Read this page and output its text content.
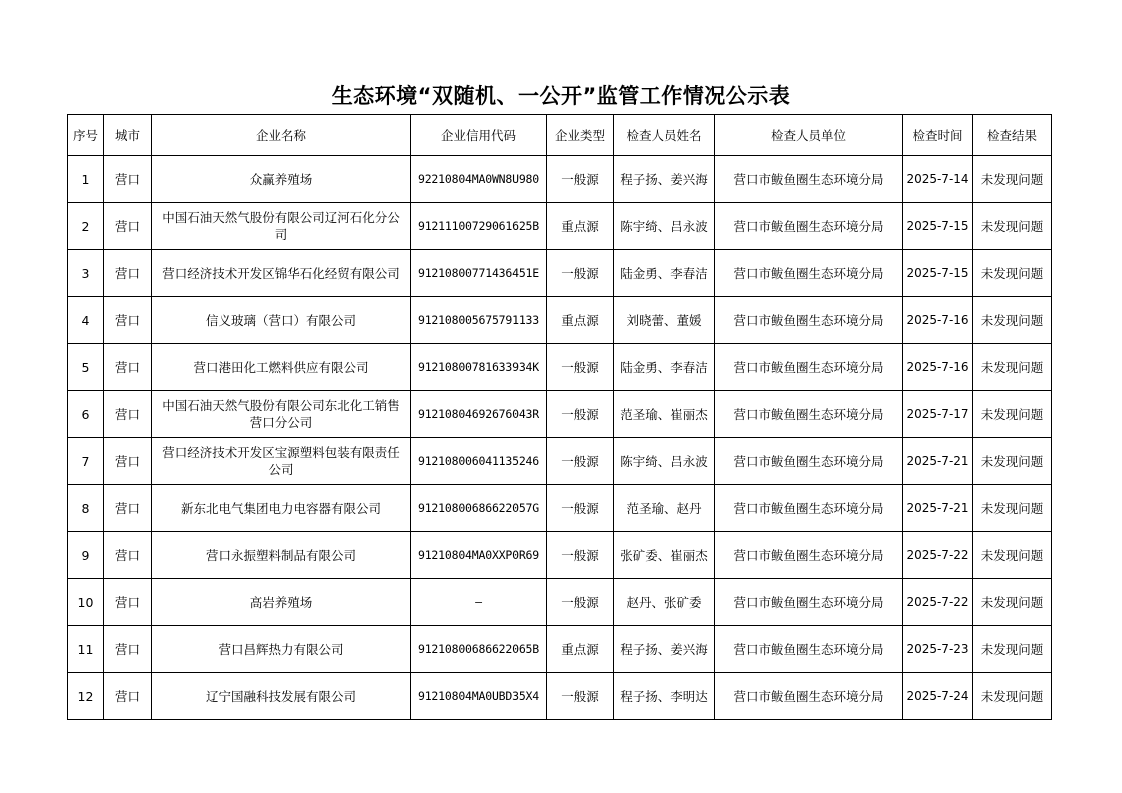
生态环境“双随机、一公开”监管工作情况公示表
序号	城市	企业名称	企业信用代码	企业类型	检查人员姓名	检查人员单位	检查时间	检查结果
1	营口	众赢养殖场	92210804MA0WN8U980	一般源	程子扬、姜兴海	营口市鲅鱼圈生态环境分局	2025-7-14	未发现问题
2	营口	中国石油天然气股份有限公司辽河石化分公司	91211100729061625B	重点源	陈宇绮、吕永波	营口市鲅鱼圈生态环境分局	2025-7-15	未发现问题
3	营口	营口经济技术开发区锦华石化经贸有限公司	91210800771436451E	一般源	陆金勇、李春洁	营口市鲅鱼圈生态环境分局	2025-7-15	未发现问题
4	营口	信义玻璃（营口）有限公司	912108005675791133	重点源	刘晓蕾、董媛	营口市鲅鱼圈生态环境分局	2025-7-16	未发现问题
5	营口	营口港田化工燃料供应有限公司	91210800781633934K	一般源	陆金勇、李春洁	营口市鲅鱼圈生态环境分局	2025-7-16	未发现问题
6	营口	中国石油天然气股份有限公司东北化工销售营口分公司	91210804692676043R	一般源	范圣瑜、崔丽杰	营口市鲅鱼圈生态环境分局	2025-7-17	未发现问题
7	营口	营口经济技术开发区宝源塑料包装有限责任公司	912108006041135246	一般源	陈宇绮、吕永波	营口市鲅鱼圈生态环境分局	2025-7-21	未发现问题
8	营口	新东北电气集团电力电容器有限公司	91210800686622057G	一般源	范圣瑜、赵丹	营口市鲅鱼圈生态环境分局	2025-7-21	未发现问题
9	营口	营口永振塑料制品有限公司	91210804MA0XXP0R69	一般源	张矿委、崔丽杰	营口市鲅鱼圈生态环境分局	2025-7-22	未发现问题
10	营口	高岩养殖场	—	一般源	赵丹、张矿委	营口市鲅鱼圈生态环境分局	2025-7-22	未发现问题
11	营口	营口昌辉热力有限公司	91210800686622065B	重点源	程子扬、姜兴海	营口市鲅鱼圈生态环境分局	2025-7-23	未发现问题
12	营口	辽宁国融科技发展有限公司	91210804MA0UBD35X4	一般源	程子扬、李明达	营口市鲅鱼圈生态环境分局	2025-7-24	未发现问题
